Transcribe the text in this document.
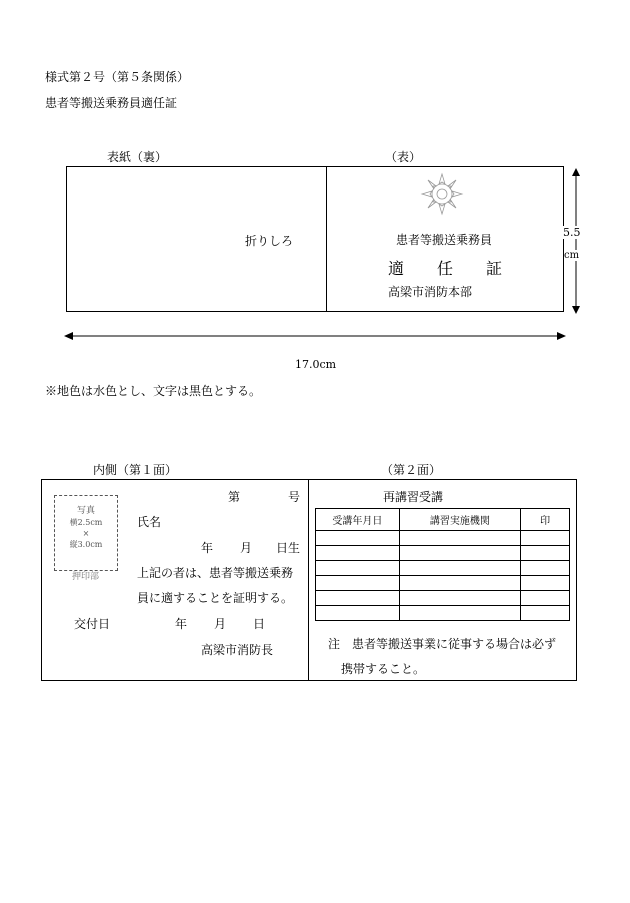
様式第２号（第５条関係）
患者等搬送乗務員適任証
表紙（裏）	（表）
折りしろ	患者等搬送乗務員
適 任 証
高梁市消防本部
5.5
cm
17.0cm
※地色は水色とし、文字は黒色とする。
内側（第１面）	（第２面）
写真
横2.5cm
×
縦3.0cm
押印部
第	号
氏名
年 月 日生
上記の者は、患者等搬送乗務
員に適することを証明する。
交付日	年 月 日
高梁市消防長
再講習受講
受講年月日	講習実施機関	印

注　患者等搬送事業に従事する場合は必ず
携帯すること。
